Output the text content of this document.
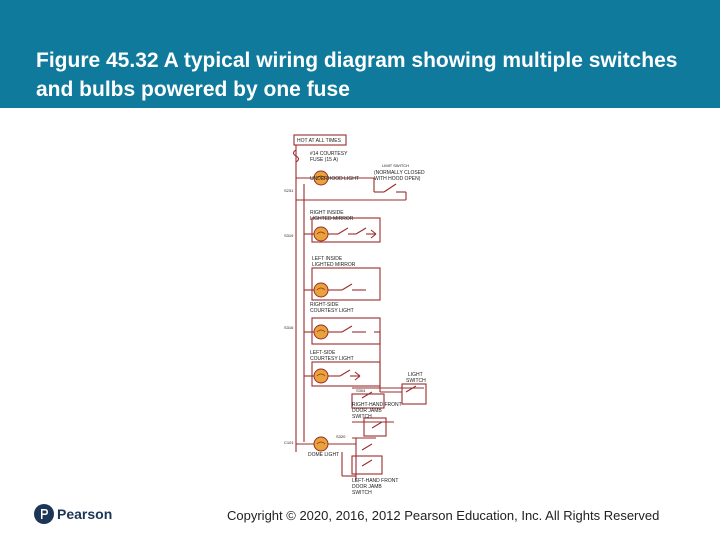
Figure 45.32 A typical wiring diagram showing multiple switches and bulbs powered by one fuse
HOT AT ALL TIMES
#14 COURTESY
FUSE (15 A)
LIMIT SWITCH
(NORMALLY CLOSED
WITH HOOD OPEN)
UNDERHOOD LIGHT
RIGHT INSIDE
LIGHTED MIRROR
LEFT INSIDE
LIGHTED MIRROR
RIGHT-SIDE
COURTESY LIGHT
LEFT-SIDE
COURTESY LIGHT
LIGHT
SWITCH
RIGHT-HAND FRONT
DOOR JAMB
SWITCH
DOME LIGHT
LEFT-HAND FRONT
DOOR JAMB
SWITCH
S231
S319
S316
S304
S320
C101
Pearson	Copyright © 2020, 2016, 2012 Pearson Education, Inc. All Rights Reserved
